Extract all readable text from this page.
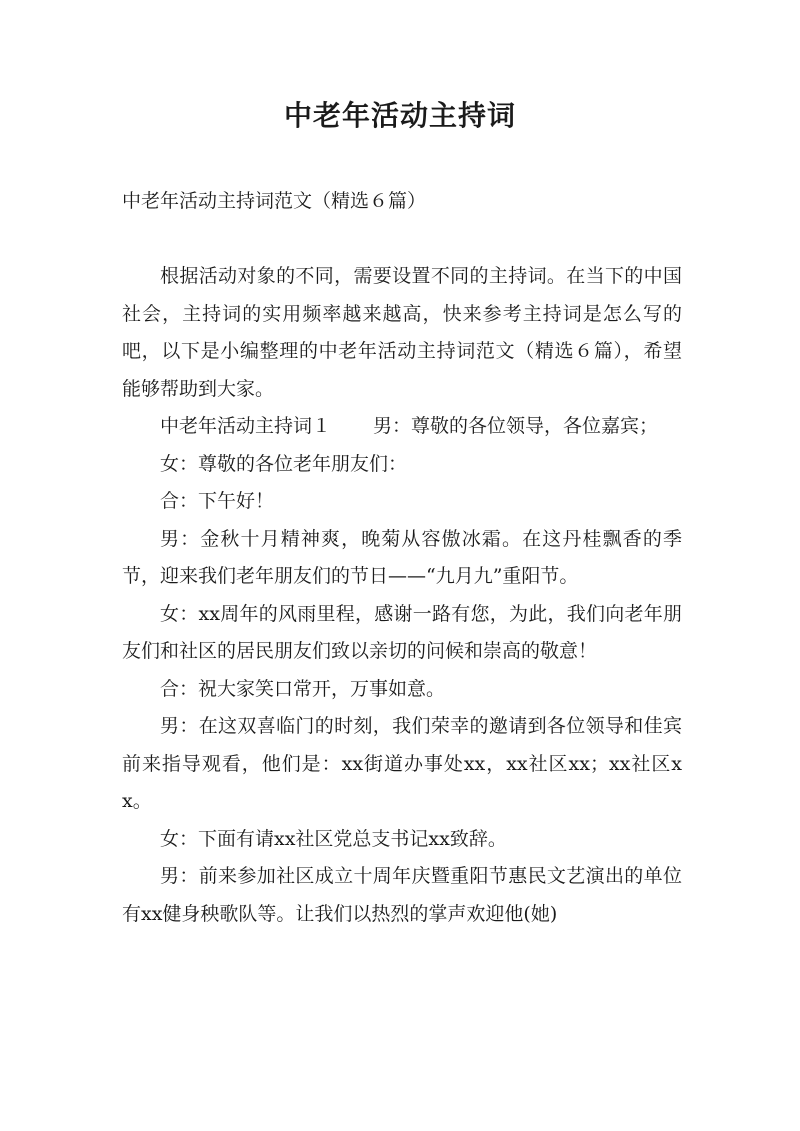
中老年活动主持词
中老年活动主持词范文（精选６篇）

根据活动对象的不同，需要设置不同的主持词。在当下的中国社会，主持词的实用频率越来越高，快来参考主持词是怎么写的吧，以下是小编整理的中老年活动主持词范文（精选６篇），希望能够帮助到大家。

中老年活动主持词１ 男：尊敬的各位领导，各位嘉宾；

女：尊敬的各位老年朋友们：

合：下午好！

男：金秋十月精神爽，晚菊从容傲冰霜。在这丹桂飘香的季节，迎来我们老年朋友们的节日——“九月九”重阳节。

女：xx周年的风雨里程，感谢一路有您，为此，我们向老年朋友们和社区的居民朋友们致以亲切的问候和崇高的敬意！

合：祝大家笑口常开，万事如意。

男：在这双喜临门的时刻，我们荣幸的邀请到各位领导和佳宾前来指导观看，他们是：xx街道办事处xx，xx社区xx；xx社区xx。

女：下面有请xx社区党总支书记xx致辞。

男：前来参加社区成立十周年庆暨重阳节惠民文艺演出的单位有xx健身秧歌队等。让我们以热烈的掌声欢迎他(她)
